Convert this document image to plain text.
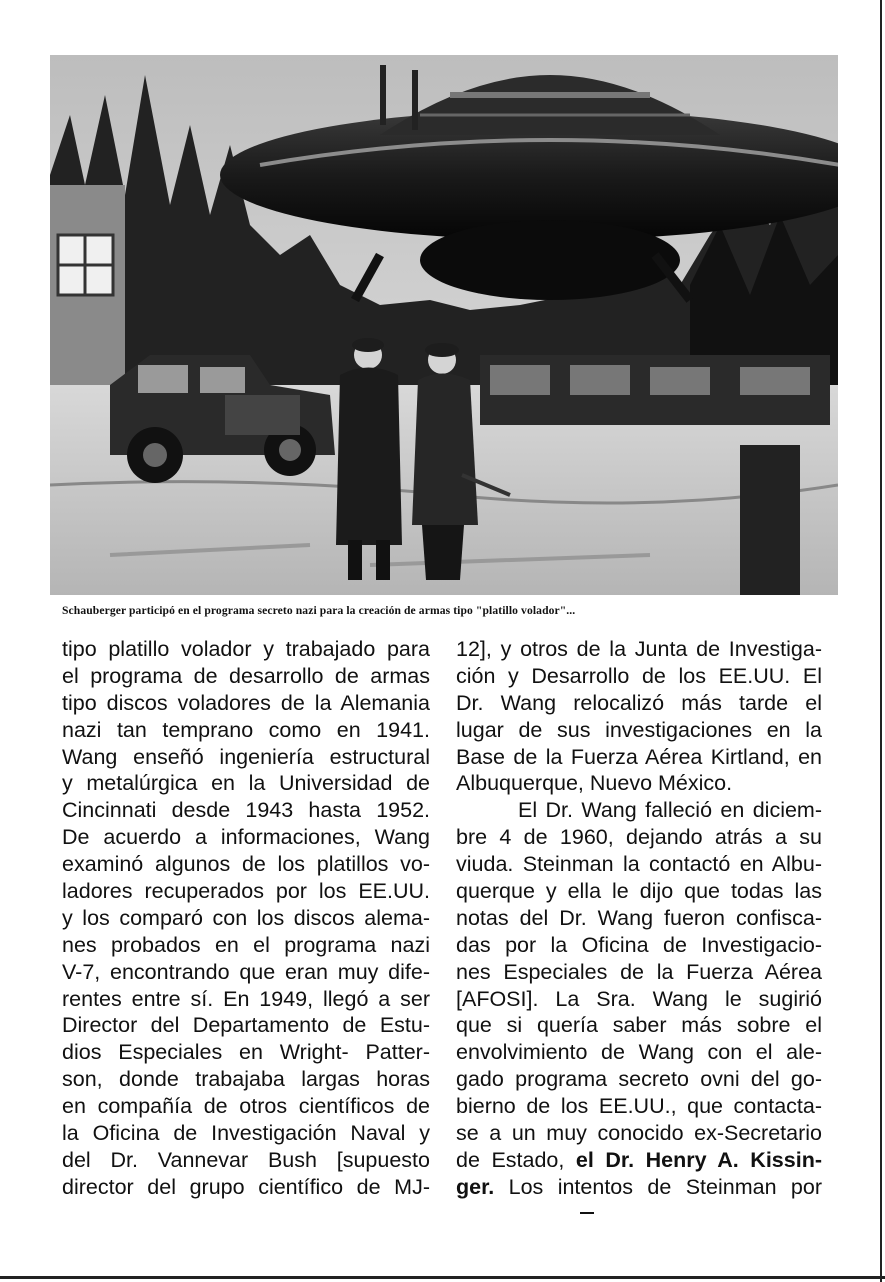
Schauberger participó en el programa secreto nazi para la creación de armas tipo "platillo volador"...
tipo platillo volador y trabajado para
el programa de desarrollo de armas
tipo discos voladores de la Alemania
nazi tan temprano como en 1941.
Wang enseñó ingeniería estructural
y metalúrgica en la Universidad de
Cincinnati desde 1943 hasta 1952.
De acuerdo a informaciones, Wang
examinó algunos de los platillos vo-
ladores recuperados por los EE.UU.
y los comparó con los discos alema-
nes probados en el programa nazi
V-7, encontrando que eran muy dife-
rentes entre sí. En 1949, llegó a ser
Director del Departamento de Estu-
dios Especiales en Wright- Patter-
son, donde trabajaba largas horas
en compañía de otros científicos de
la Oficina de Investigación Naval y
del Dr. Vannevar Bush [supuesto
director del grupo científico de MJ-
12], y otros de la Junta de Investiga-
ción y Desarrollo de los EE.UU. El
Dr. Wang relocalizó más tarde el
lugar de sus investigaciones en la
Base de la Fuerza Aérea Kirtland, en
Albuquerque, Nuevo México.
El Dr. Wang falleció en diciem-
bre 4 de 1960, dejando atrás a su
viuda. Steinman la contactó en Albu-
querque y ella le dijo que todas las
notas del Dr. Wang fueron confisca-
das por la Oficina de Investigacio-
nes Especiales de la Fuerza Aérea
[AFOSI]. La Sra. Wang le sugirió
que si quería saber más sobre el
envolvimiento de Wang con el ale-
gado programa secreto ovni del go-
bierno de los EE.UU., que contacta-
se a un muy conocido ex-Secretario
de Estado, el Dr. Henry A. Kissin-
ger. Los intentos de Steinman por
